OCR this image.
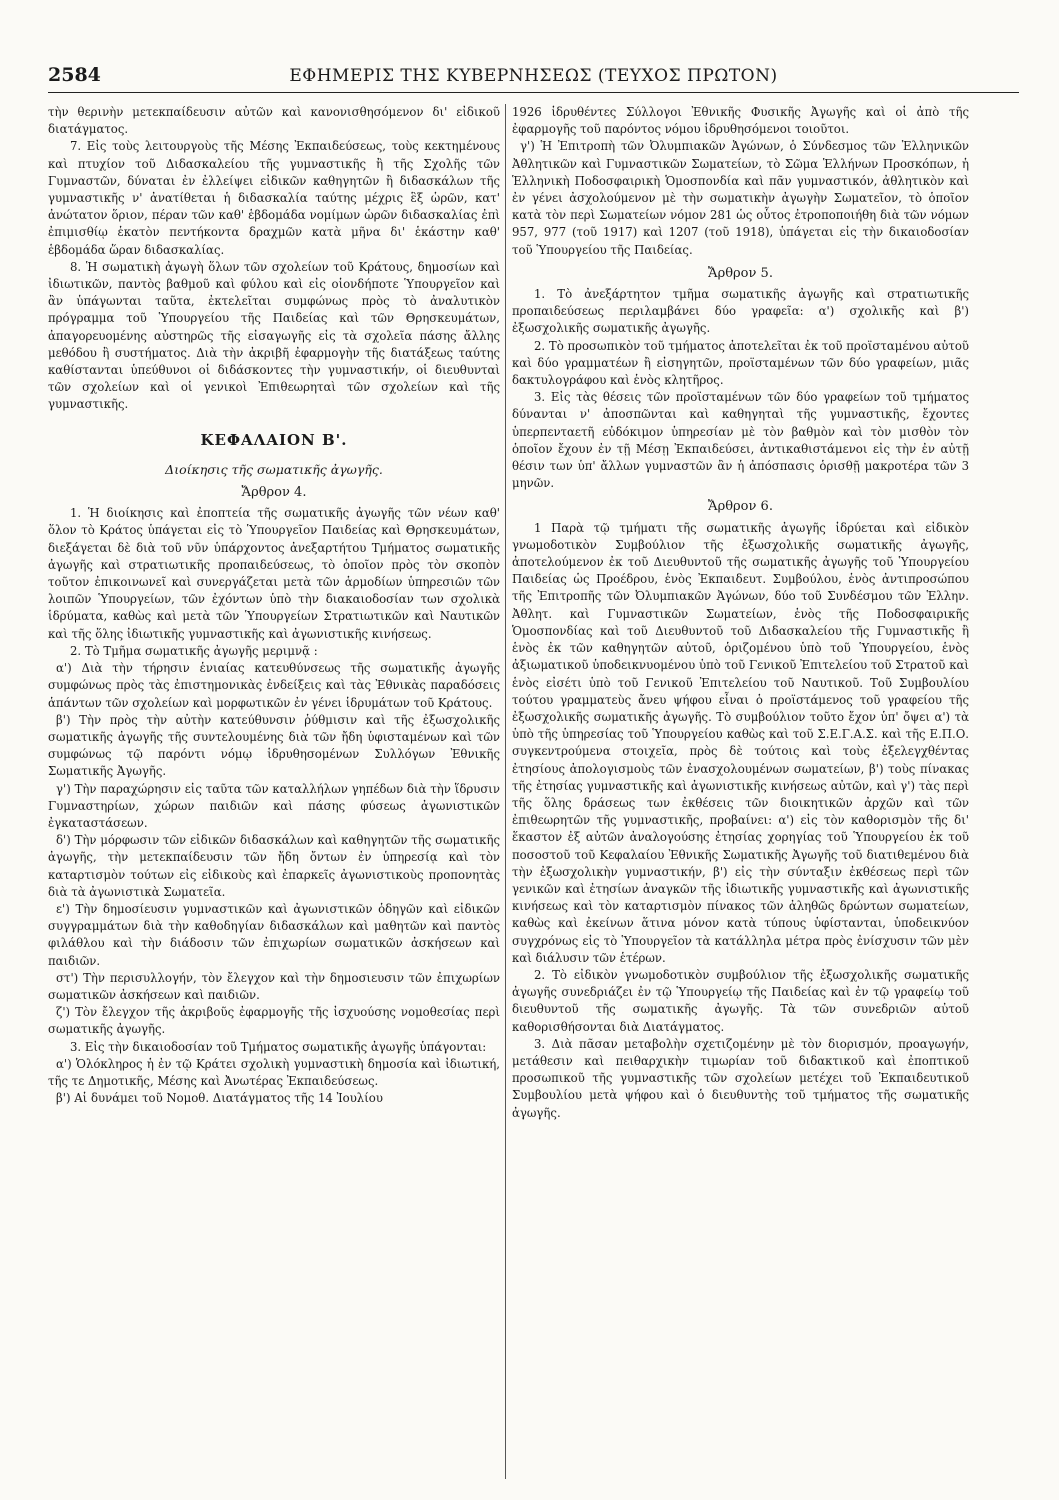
2584	ΕΦΗΜΕΡΙΣ ΤΗΣ ΚΥΒΕΡΝΗΣΕΩΣ (ΤΕΥΧΟΣ ΠΡΩΤΟΝ)

τὴν θερινὴν μετεκπαίδευσιν αὐτῶν καὶ κανονισθησόμενον δι' εἰδικοῦ διατάγματος.

7. Εἰς τοὺς λειτουργοὺς τῆς Μέσης Ἐκπαιδεύσεως, τοὺς κεκτημένους καὶ πτυχίον τοῦ Διδασκαλείου τῆς γυμναστικῆς ἢ τῆς Σχολῆς τῶν Γυμναστῶν, δύναται ἐν ἐλλείψει εἰδικῶν καθηγητῶν ἢ διδασκάλων τῆς γυμναστικῆς ν' ἀνατίθεται ἡ διδασκαλία ταύτης μέχρις ἓξ ὡρῶν, κατ' ἀνώτατον ὅριον, πέραν τῶν καθ' ἑβδομάδα νομίμων ὡρῶν διδασκαλίας ἐπὶ ἐπιμισθίῳ ἑκατὸν πεντήκοντα δραχμῶν κατὰ μῆνα δι' ἑκάστην καθ' ἑβδομάδα ὥραν διδασκαλίας.

8. Ἡ σωματικὴ ἀγωγὴ ὅλων τῶν σχολείων τοῦ Κράτους, δημοσίων καὶ ἰδιωτικῶν, παντὸς βαθμοῦ καὶ φύλου καὶ εἰς οἱονδήποτε Ὑπουργεῖον καὶ ἂν ὑπάγωνται ταῦτα, ἐκτελεῖται συμφώνως πρὸς τὸ ἀναλυτικὸν πρόγραμμα τοῦ Ὑπουργείου τῆς Παιδείας καὶ τῶν Θρησκευμάτων, ἀπαγορευομένης αὐστηρῶς τῆς εἰσαγωγῆς εἰς τὰ σχολεῖα πάσης ἄλλης μεθόδου ἢ συστήματος. Διὰ τὴν ἀκριβῆ ἐφαρμογὴν τῆς διατάξεως ταύτης καθίστανται ὑπεύθυνοι οἱ διδάσκοντες τὴν γυμναστικήν, οἱ διευθυνταὶ τῶν σχολείων καὶ οἱ γενικοὶ Ἐπιθεωρηταὶ τῶν σχολείων καὶ τῆς γυμναστικῆς.

ΚΕΦΑΛΑΙΟΝ Β'.
Διοίκησις τῆς σωματικῆς ἀγωγῆς.
Ἄρθρον 4.

1. Ἡ διοίκησις καὶ ἐποπτεία τῆς σωματικῆς ἀγωγῆς τῶν νέων καθ' ὅλον τὸ Κράτος ὑπάγεται εἰς τὸ Ὑπουργεῖον Παιδείας καὶ Θρησκευμάτων, διεξάγεται δὲ διὰ τοῦ νῦν ὑπάρχοντος ἀνεξαρτήτου Τμήματος σωματικῆς ἀγωγῆς καὶ στρατιωτικῆς προπαιδεύσεως, τὸ ὁποῖον πρὸς τὸν σκοπὸν τοῦτον ἐπικοινωνεῖ καὶ συνεργάζεται μετὰ τῶν ἁρμοδίων ὑπηρεσιῶν τῶν λοιπῶν Ὑπουργείων, τῶν ἐχόντων ὑπὸ τὴν διακαιοδοσίαν των σχολικὰ ἱδρύματα, καθὼς καὶ μετὰ τῶν Ὑπουργείων Στρατιωτικῶν καὶ Ναυτικῶν καὶ τῆς ὅλης ἰδιωτικῆς γυμναστικῆς καὶ ἀγωνιστικῆς κινήσεως.

2. Τὸ Τμῆμα σωματικῆς ἀγωγῆς μεριμνᾷ :

α') Διὰ τὴν τήρησιν ἑνιαίας κατευθύνσεως τῆς σωματικῆς ἀγωγῆς συμφώνως πρὸς τὰς ἐπιστημονικὰς ἐνδείξεις καὶ τὰς Ἐθνικὰς παραδόσεις ἁπάντων τῶν σχολείων καὶ μορφωτικῶν ἐν γένει ἱδρυμάτων τοῦ Κράτους.

β') Τὴν πρὸς τὴν αὐτὴν κατεύθυνσιν ῥύθμισιν καὶ τῆς ἐξωσχολικῆς σωματικῆς ἀγωγῆς τῆς συντελουμένης διὰ τῶν ἤδη ὑφισταμένων καὶ τῶν συμφώνως τῷ παρόντι νόμῳ ἱδρυθησομένων Συλλόγων Ἐθνικῆς Σωματικῆς Ἀγωγῆς.

γ') Τὴν παραχώρησιν εἰς ταῦτα τῶν καταλλήλων γηπέδων διὰ τὴν ἵδρυσιν Γυμναστηρίων, χώρων παιδιῶν καὶ πάσης φύσεως ἀγωνιστικῶν ἐγκαταστάσεων.

δ') Τὴν μόρφωσιν τῶν εἰδικῶν διδασκάλων καὶ καθηγητῶν τῆς σωματικῆς ἀγωγῆς, τὴν μετεκπαίδευσιν τῶν ἤδη ὄντων ἐν ὑπηρεσίᾳ καὶ τὸν καταρτισμὸν τούτων εἰς εἰδικοὺς καὶ ἐπαρκεῖς ἀγωνιστικοὺς προπονητὰς διὰ τὰ ἀγωνιστικὰ Σωματεῖα.

ε') Τὴν δημοσίευσιν γυμναστικῶν καὶ ἀγωνιστικῶν ὁδηγῶν καὶ εἰδικῶν συγγραμμάτων διὰ τὴν καθοδηγίαν διδασκάλων καὶ μαθητῶν καὶ παντὸς φιλάθλου καὶ τὴν διάδοσιν τῶν ἐπιχωρίων σωματικῶν ἀσκήσεων καὶ παιδιῶν.

στ') Τὴν περισυλλογήν, τὸν ἔλεγχον καὶ τὴν δημοσιευσιν τῶν ἐπιχωρίων σωματικῶν ἀσκήσεων καὶ παιδιῶν.

ζ') Τὸν ἔλεγχον τῆς ἀκριβοῦς ἐφαρμογῆς τῆς ἰσχυούσης νομοθεσίας περὶ σωματικῆς ἀγωγῆς.

3. Εἰς τὴν δικαιοδοσίαν τοῦ Τμήματος σωματικῆς ἀγωγῆς ὑπάγονται:

α') Ὁλόκληρος ἡ ἐν τῷ Κράτει σχολικὴ γυμναστικὴ δημοσία καὶ ἰδιωτική, τῆς τε Δημοτικῆς, Μέσης καὶ Ἀνωτέρας Ἐκπαιδεύσεως.

β') Αἱ δυνάμει τοῦ Νομοθ. Διατάγματος τῆς 14 Ἰουλίου

1926 ἱδρυθέντες Σύλλογοι Ἐθνικῆς Φυσικῆς Ἀγωγῆς καὶ οἱ ἀπὸ τῆς ἐφαρμογῆς τοῦ παρόντος νόμου ἱδρυθησόμενοι τοιοῦτοι.

γ') Ἡ Ἐπιτροπὴ τῶν Ὀλυμπιακῶν Ἀγώνων, ὁ Σύνδεσμος τῶν Ἑλληνικῶν Ἀθλητικῶν καὶ Γυμναστικῶν Σωματείων, τὸ Σῶμα Ἑλλήνων Προσκόπων, ἡ Ἑλληνικὴ Ποδοσφαιρικὴ Ὁμοσπονδία καὶ πᾶν γυμναστικόν, ἀθλητικὸν καὶ ἐν γένει ἀσχολούμενον μὲ τὴν σωματικὴν ἀγωγὴν Σωματεῖον, τὸ ὁποῖον κατὰ τὸν περὶ Σωματείων νόμον 281 ὡς οὗτος ἐτροποποιήθη διὰ τῶν νόμων 957, 977 (τοῦ 1917) καὶ 1207 (τοῦ 1918), ὑπάγεται εἰς τὴν δικαιοδοσίαν τοῦ Ὑπουργείου τῆς Παιδείας.

Ἄρθρον 5.

1. Τὸ ἀνεξάρτητον τμῆμα σωματικῆς ἀγωγῆς καὶ στρατιωτικῆς προπαιδεύσεως περιλαμβάνει δύο γραφεῖα: α') σχολικῆς καὶ β') ἐξωσχολικῆς σωματικῆς ἀγωγῆς.

2. Τὸ προσωπικὸν τοῦ τμήματος ἀποτελεῖται ἐκ τοῦ προϊσταμένου αὐτοῦ καὶ δύο γραμματέων ἢ εἰσηγητῶν, προϊσταμένων τῶν δύο γραφείων, μιᾶς δακτυλογράφου καὶ ἑνὸς κλητῆρος.

3. Εἰς τὰς θέσεις τῶν προϊσταμένων τῶν δύο γραφείων τοῦ τμήματος δύνανται ν' ἀποσπῶνται καὶ καθηγηταὶ τῆς γυμναστικῆς, ἔχοντες ὑπερπενταετῆ εὐδόκιμον ὑπηρεσίαν μὲ τὸν βαθμὸν καὶ τὸν μισθὸν τὸν ὁποῖον ἔχουν ἐν τῇ Μέσῃ Ἐκπαιδεύσει, ἀντικαθιστάμενοι εἰς τὴν ἐν αὐτῇ θέσιν των ὑπ' ἄλλων γυμναστῶν ἂν ἡ ἀπόσπασις ὁρισθῇ μακροτέρα τῶν 3 μηνῶν.

Ἄρθρον 6.

1 Παρὰ τῷ τμήματι τῆς σωματικῆς ἀγωγῆς ἱδρύεται καὶ εἰδικὸν γνωμοδοτικὸν Συμβούλιον τῆς ἐξωσχολικῆς σωματικῆς ἀγωγῆς, ἀποτελούμενον ἐκ τοῦ Διευθυντοῦ τῆς σωματικῆς ἀγωγῆς τοῦ Ὑπουργείου Παιδείας ὡς Προέδρου, ἑνὸς Ἐκπαιδευτ. Συμβούλου, ἑνὸς ἀντιπροσώπου τῆς Ἐπιτροπῆς τῶν Ὀλυμπιακῶν Ἀγώνων, δύο τοῦ Συνδέσμου τῶν Ἑλλην. Ἀθλητ. καὶ Γυμναστικῶν Σωματείων, ἑνὸς τῆς Ποδοσφαιρικῆς Ὁμοσπονδίας καὶ τοῦ Διευθυντοῦ τοῦ Διδασκαλείου τῆς Γυμναστικῆς ἢ ἑνὸς ἐκ τῶν καθηγητῶν αὐτοῦ, ὁριζομένου ὑπὸ τοῦ Ὑπουργείου, ἑνὸς ἀξιωματικοῦ ὑποδεικνυομένου ὑπὸ τοῦ Γενικοῦ Ἐπιτελείου τοῦ Στρατοῦ καὶ ἑνὸς εἰσέτι ὑπὸ τοῦ Γενικοῦ Ἐπιτελείου τοῦ Ναυτικοῦ. Τοῦ Συμβουλίου τούτου γραμματεὺς ἄνευ ψήφου εἶναι ὁ προϊστάμενος τοῦ γραφείου τῆς ἐξωσχολικῆς σωματικῆς ἀγωγῆς. Τὸ συμβούλιον τοῦτο ἔχον ὑπ' ὄψει α') τὰ ὑπὸ τῆς ὑπηρεσίας τοῦ Ὑπουργείου καθὼς καὶ τοῦ Σ.Ε.Γ.Α.Σ. καὶ τῆς Ε.Π.Ο. συγκεντρούμενα στοιχεῖα, πρὸς δὲ τούτοις καὶ τοὺς ἐξελεγχθέντας ἐτησίους ἀπολογισμοὺς τῶν ἐνασχολουμένων σωματείων, β') τοὺς πίνακας τῆς ἐτησίας γυμναστικῆς καὶ ἀγωνιστικῆς κινήσεως αὐτῶν, καὶ γ') τὰς περὶ τῆς ὅλης δράσεως των ἐκθέσεις τῶν διοικητικῶν ἀρχῶν καὶ τῶν ἐπιθεωρητῶν τῆς γυμναστικῆς, προβαίνει: α') εἰς τὸν καθορισμὸν τῆς δι' ἕκαστον ἐξ αὐτῶν ἀναλογούσης ἐτησίας χορηγίας τοῦ Ὑπουργείου ἐκ τοῦ ποσοστοῦ τοῦ Κεφαλαίου Ἐθνικῆς Σωματικῆς Ἀγωγῆς τοῦ διατιθεμένου διὰ τὴν ἐξωσχολικὴν γυμναστικήν, β') εἰς τὴν σύνταξιν ἐκθέσεως περὶ τῶν γενικῶν καὶ ἐτησίων ἀναγκῶν τῆς ἰδιωτικῆς γυμναστικῆς καὶ ἀγωνιστικῆς κινήσεως καὶ τὸν καταρτισμὸν πίνακος τῶν ἀληθῶς δρώντων σωματείων, καθὼς καὶ ἐκείνων ἅτινα μόνον κατὰ τύπους ὑφίστανται, ὑποδεικνύον συγχρόνως εἰς τὸ Ὑπουργεῖον τὰ κατάλληλα μέτρα πρὸς ἐνίσχυσιν τῶν μὲν καὶ διάλυσιν τῶν ἑτέρων.

2. Τὸ εἰδικὸν γνωμοδοτικὸν συμβούλιον τῆς ἐξωσχολικῆς σωματικῆς ἀγωγῆς συνεδριάζει ἐν τῷ Ὑπουργείῳ τῆς Παιδείας καὶ ἐν τῷ γραφείῳ τοῦ διευθυντοῦ τῆς σωματικῆς ἀγωγῆς. Τὰ τῶν συνεδριῶν αὐτοῦ καθορισθήσονται διὰ Διατάγματος.

3. Διὰ πᾶσαν μεταβολὴν σχετιζομένην μὲ τὸν διορισμόν, προαγωγήν, μετάθεσιν καὶ πειθαρχικὴν τιμωρίαν τοῦ διδακτικοῦ καὶ ἐποπτικοῦ προσωπικοῦ τῆς γυμναστικῆς τῶν σχολείων μετέχει τοῦ Ἐκπαιδευτικοῦ Συμβουλίου μετὰ ψήφου καὶ ὁ διευθυντὴς τοῦ τμήματος τῆς σωματικῆς ἀγωγῆς.
